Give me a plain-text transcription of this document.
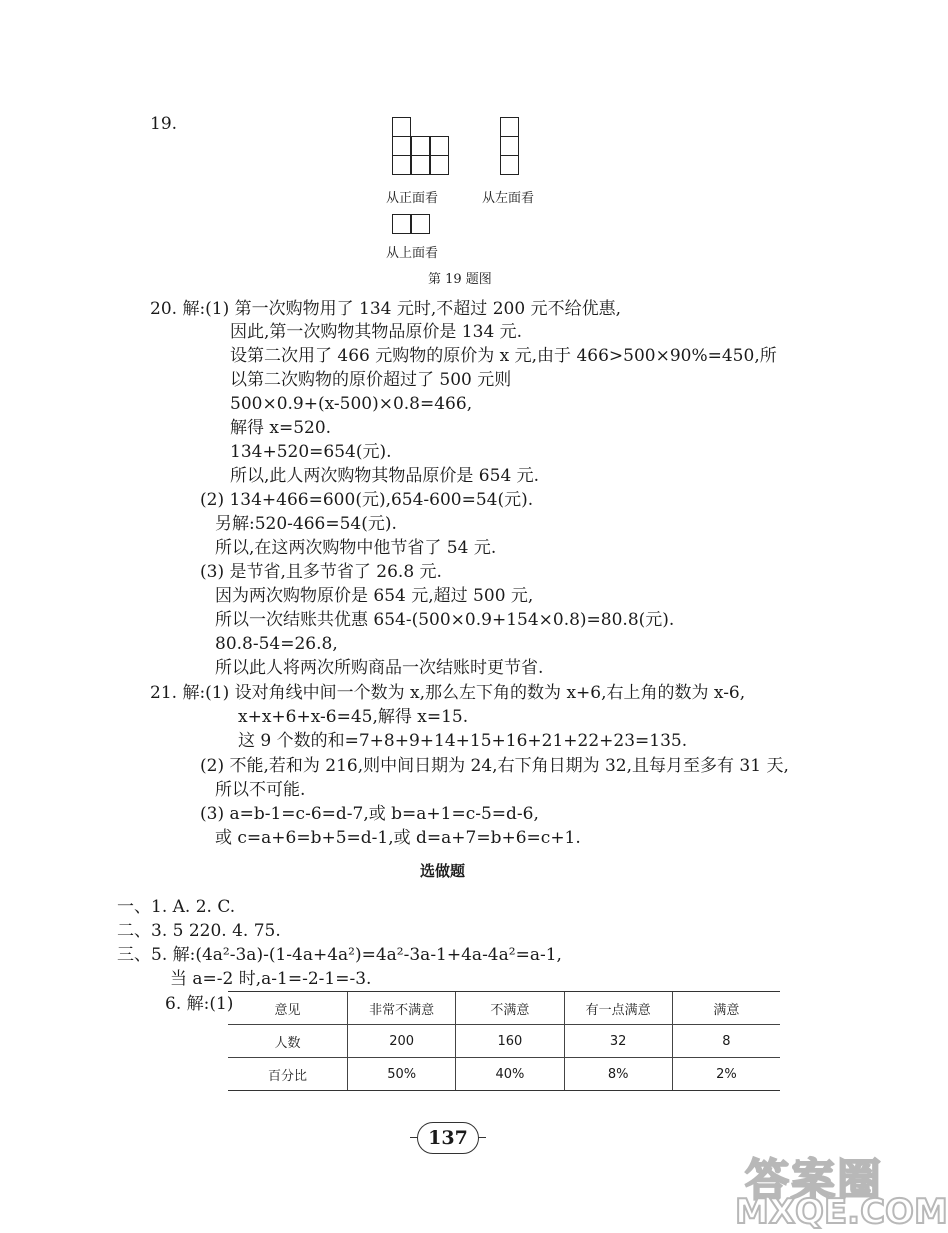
19.
从正面看	从左面看
从上面看
第 19 题图
20. 解:(1) 第一次购物用了 134 元时,不超过 200 元不给优惠,
因此,第一次购物其物品原价是 134 元.
设第二次用了 466 元购物的原价为 x 元,由于 466>500×90%=450,所
以第二次购物的原价超过了 500 元则
500×0.9+(x-500)×0.8=466,
解得 x=520.
134+520=654(元).
所以,此人两次购物其物品原价是 654 元.
(2) 134+466=600(元),654-600=54(元).
另解:520-466=54(元).
所以,在这两次购物中他节省了 54 元.
(3) 是节省,且多节省了 26.8 元.
因为两次购物原价是 654 元,超过 500 元,
所以一次结账共优惠 654-(500×0.9+154×0.8)=80.8(元).
80.8-54=26.8,
所以此人将两次所购商品一次结账时更节省.
21. 解:(1) 设对角线中间一个数为 x,那么左下角的数为 x+6,右上角的数为 x-6,
x+x+6+x-6=45,解得 x=15.
这 9 个数的和=7+8+9+14+15+16+21+22+23=135.
(2) 不能,若和为 216,则中间日期为 24,右下角日期为 32,且每月至多有 31 天,
所以不可能.
(3) a=b-1=c-6=d-7,或 b=a+1=c-5=d-6,
或 c=a+6=b+5=d-1,或 d=a+7=b+6=c+1.
选做题
一、1. A. 2. C.
二、3. 5 220. 4. 75.
三、5. 解:(4a²-3a)-(1-4a+4a²)=4a²-3a-1+4a-4a²=a-1,
当 a=-2 时,a-1=-2-1=-3.
6. 解:(1)	意见	非常不满意	不满意	有一点满意	满意
人数	200	160	32	8
百分比	50%	40%	8%	2%
137
答案圈
MXQE.COM
